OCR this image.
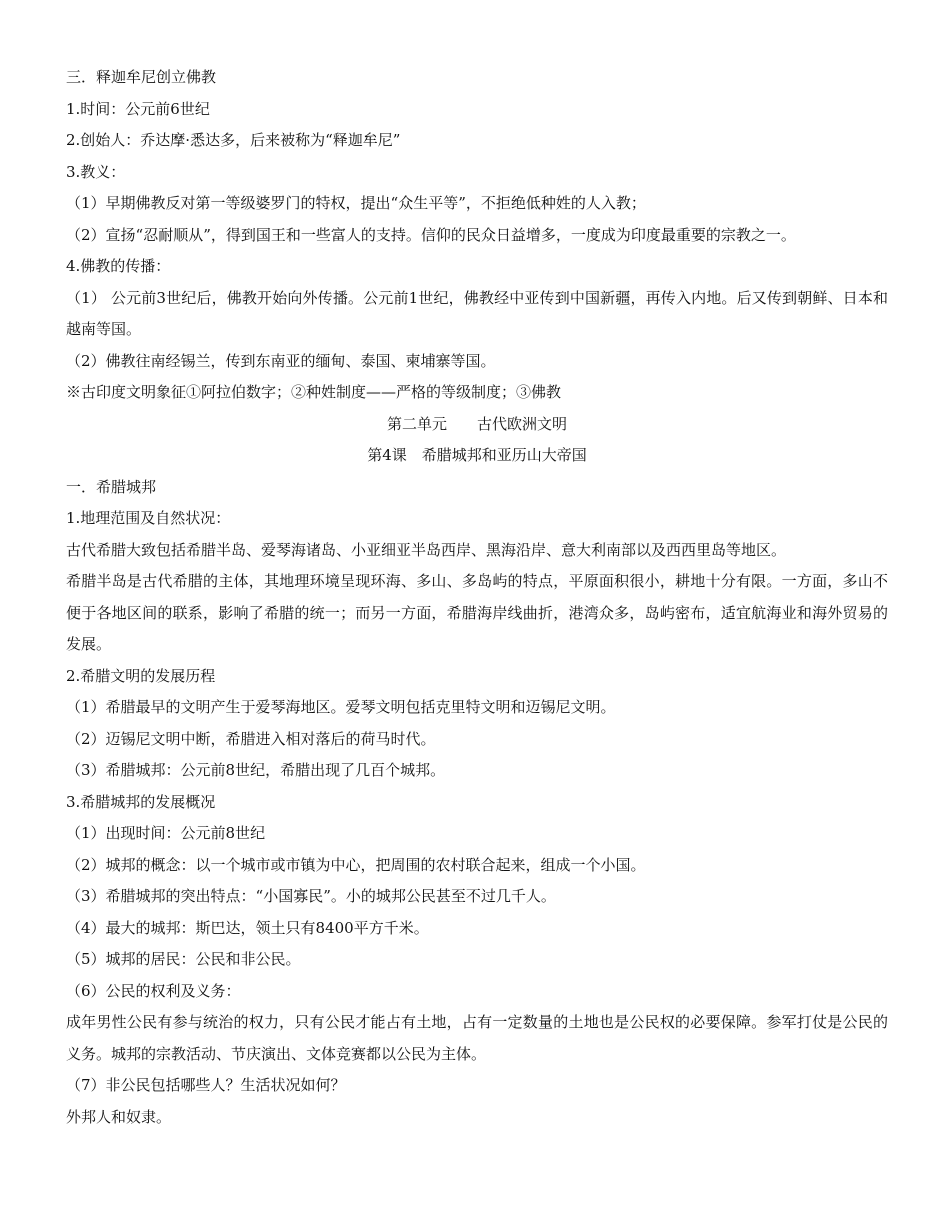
三．释迦牟尼创立佛教
1.时间：公元前6世纪
2.创始人：乔达摩·悉达多，后来被称为“释迦牟尼”
3.教义：
（1）早期佛教反对第一等级婆罗门的特权，提出“众生平等”，不拒绝低种姓的人入教；
（2）宣扬“忍耐顺从”，得到国王和一些富人的支持。信仰的民众日益增多，一度成为印度最重要的宗教之一。
4.佛教的传播：
（1） 公元前3世纪后，佛教开始向外传播。公元前1世纪，佛教经中亚传到中国新疆，再传入内地。后又传到朝鲜、日本和越南等国。
（2）佛教往南经锡兰，传到东南亚的缅甸、泰国、柬埔寨等国。
※古印度文明象征①阿拉伯数字；②种姓制度——严格的等级制度；③佛教
第二单元　　古代欧洲文明
第4课　希腊城邦和亚历山大帝国
一．希腊城邦
1.地理范围及自然状况：
古代希腊大致包括希腊半岛、爱琴海诸岛、小亚细亚半岛西岸、黑海沿岸、意大利南部以及西西里岛等地区。
希腊半岛是古代希腊的主体，其地理环境呈现环海、多山、多岛屿的特点，平原面积很小，耕地十分有限。一方面，多山不便于各地区间的联系，影响了希腊的统一；而另一方面，希腊海岸线曲折，港湾众多，岛屿密布，适宜航海业和海外贸易的发展。
2.希腊文明的发展历程
（1）希腊最早的文明产生于爱琴海地区。爱琴文明包括克里特文明和迈锡尼文明。
（2）迈锡尼文明中断，希腊进入相对落后的荷马时代。
（3）希腊城邦：公元前8世纪，希腊出现了几百个城邦。
3.希腊城邦的发展概况
（1）出现时间：公元前8世纪
（2）城邦的概念：以一个城市或市镇为中心，把周围的农村联合起来，组成一个小国。
（3）希腊城邦的突出特点：“小国寡民”。小的城邦公民甚至不过几千人。
（4）最大的城邦：斯巴达，领土只有8400平方千米。
（5）城邦的居民：公民和非公民。
（6）公民的权利及义务：
成年男性公民有参与统治的权力，只有公民才能占有土地，占有一定数量的土地也是公民权的必要保障。参军打仗是公民的义务。城邦的宗教活动、节庆演出、文体竞赛都以公民为主体。
（7）非公民包括哪些人？生活状况如何？
外邦人和奴隶。
